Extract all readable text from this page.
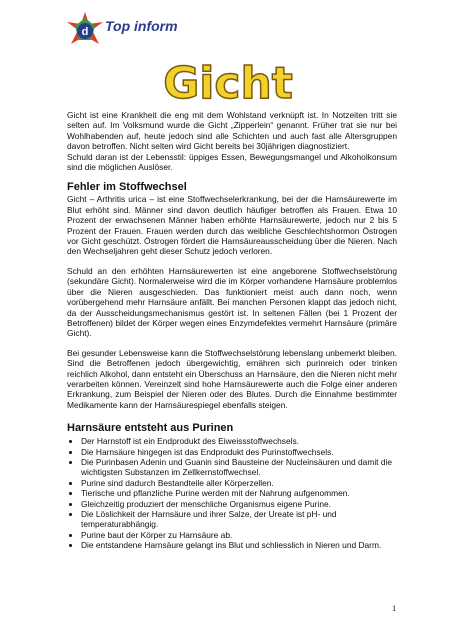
d Top inform
Gicht

Gicht ist eine Krankheit die eng mit dem Wohlstand verknüpft ist. In Notzeiten tritt sie selten auf. Im Volksmund wurde die Gicht „Zipperlein“ genannt. Früher trat sie nur bei Wohlhabenden auf, heute jedoch sind alle Schichten und auch fast alle Altersgruppen davon betroffen. Nicht selten wird Gicht bereits bei 30jährigen diagnostiziert.

Schuld daran ist der Lebensstil: üppiges Essen, Bewegungsmangel und Alkoholkonsum sind die möglichen Auslöser.

Fehler im Stoffwechsel

Gicht – Arthritis urica – ist eine Stoffwechselerkrankung, bei der die Harnsäurewerte im Blut erhöht sind. Männer sind davon deutlich häufiger betroffen als Frauen. Etwa 10 Prozent der erwachsenen Männer haben erhöhte Harnsäurewerte, jedoch nur 2 bis 5 Prozent der Frauen. Frauen werden durch das weibliche Geschlechtshormon Östrogen vor Gicht geschützt. Östrogen fördert die Harnsäureausscheidung über die Nieren. Nach den Wechseljahren geht dieser Schutz jedoch verloren.

Schuld an den erhöhten Harnsäurewerten ist eine angeborene Stoffwechselstörung (sekundäre Gicht). Normalerweise wird die im Körper vorhandene Harnsäure problemlos über die Nieren ausgeschieden. Das funktioniert meist auch dann noch, wenn vorübergehend mehr Harnsäure anfällt. Bei manchen Personen klappt das jedoch nicht, da der Ausscheidungsmechanismus gestört ist. In seltenen Fällen (bei 1 Prozent der Betroffenen) bildet der Körper wegen eines Enzymdefektes vermehrt Harnsäure (primäre Gicht).

Bei gesunder Lebensweise kann die Stoffwechselstörung lebenslang unbemerkt bleiben. Sind die Betroffenen jedoch übergewichtig, ernähren sich purinreich oder trinken reichlich Alkohol, dann entsteht ein Überschuss an Harnsäure, den die Nieren nicht mehr verarbeiten können. Vereinzelt sind hohe Harnsäurewerte auch die Folge einer anderen Erkrankung, zum Beispiel der Nieren oder des Blutes. Durch die Einnahme bestimmter Medikamente kann der Harnsäurespiegel ebenfalls steigen.

Harnsäure entsteht aus Purinen
• Der Harnstoff ist ein Endprodukt des Eiweissstoffwechsels.
• Die Harnsäure hingegen ist das Endprodukt des Purinstoffwechsels.
• Die Purinbasen Adenin und Guanin sind Bausteine der Nucleinsäuren und damit die wichtigsten Substanzen im Zellkernstoffwechsel.
• Purine sind dadurch Bestandteile aller Körperzellen.
• Tierische und pflanzliche Purine werden mit der Nahrung aufgenommen.
• Gleichzeitig produziert der menschliche Organismus eigene Purine.
• Die Löslichkeit der Harnsäure und ihrer Salze, der Ureate ist pH- und temperaturabhängig.
• Purine baut der Körper zu Harnsäure ab.
• Die entstandene Harnsäure gelangt ins Blut und schliesslich in Nieren und Darm.
1
